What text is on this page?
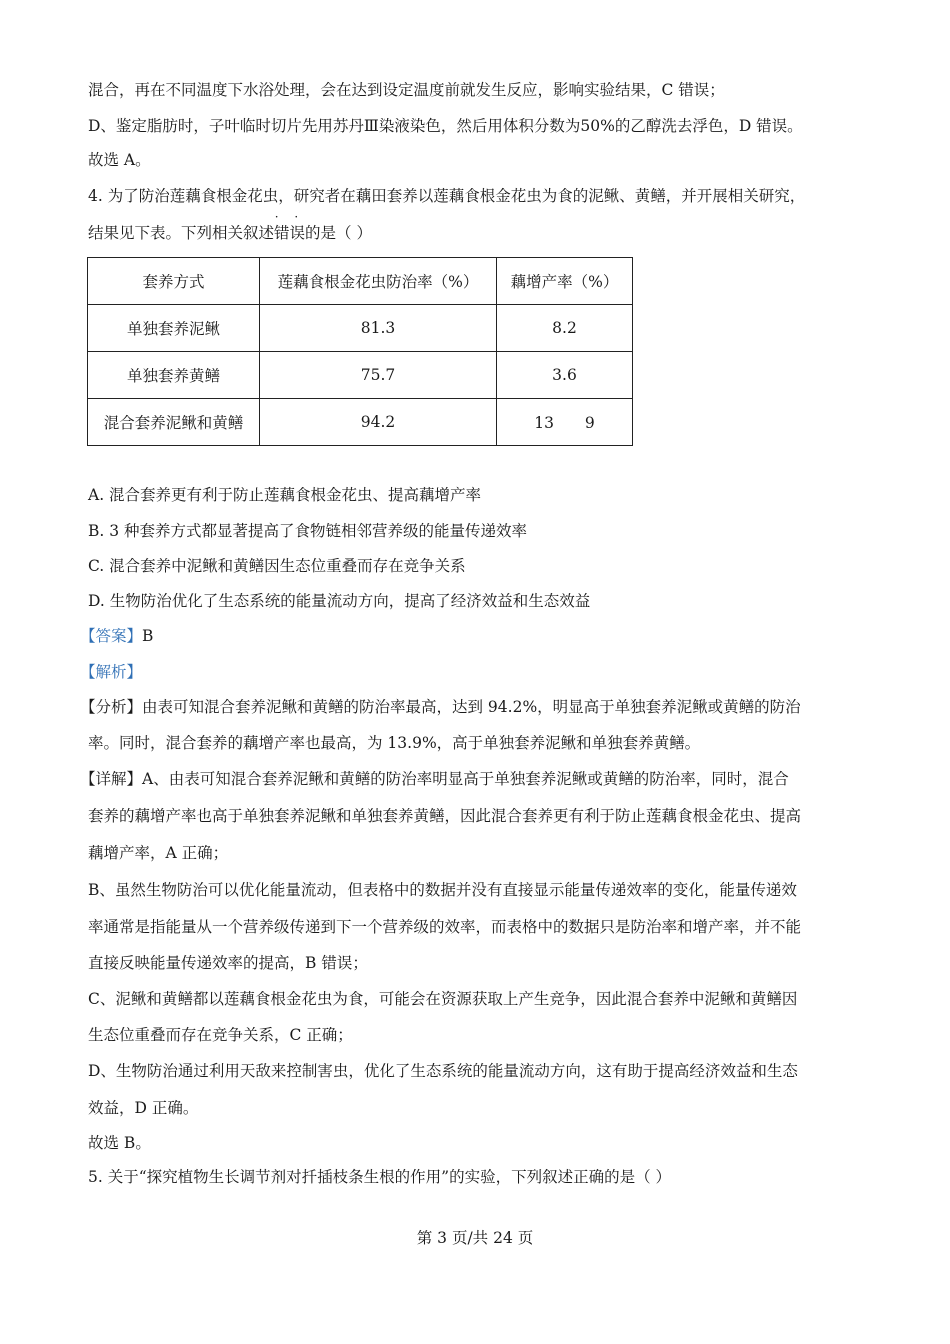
混合，再在不同温度下水浴处理，会在达到设定温度前就发生反应，影响实验结果，C 错误；
D、鉴定脂肪时，子叶临时切片先用苏丹Ⅲ染液染色，然后用体积分数为50%的乙醇洗去浮色，D 错误。
故选 A。
4. 为了防治莲藕食根金花虫，研究者在藕田套养以莲藕食根金花虫为食的泥鳅、黄鳝，并开展相关研究，
结果见下表。下列相关叙述
· ·
错误的是（ ）
套养方式	莲藕食根金花虫防治率（%）	藕增产率（%）
单独套养泥鳅	81.3	8.2
单独套养黄鳝	75.7	3.6
混合套养泥鳅和黄鳝	94.2	13　　9
A. 混合套养更有利于防止莲藕食根金花虫、提高藕增产率
B. 3 种套养方式都显著提高了食物链相邻营养级的能量传递效率
C. 混合套养中泥鳅和黄鳝因生态位重叠而存在竞争关系
D. 生物防治优化了生态系统的能量流动方向，提高了经济效益和生态效益
【答案】B
【解析】
【分析】由表可知混合套养泥鳅和黄鳝的防治率最高，达到 94.2%，明显高于单独套养泥鳅或黄鳝的防治
率。同时，混合套养的藕增产率也最高，为 13.9%，高于单独套养泥鳅和单独套养黄鳝。
【详解】A、由表可知混合套养泥鳅和黄鳝的防治率明显高于单独套养泥鳅或黄鳝的防治率，同时，混合
套养的藕增产率也高于单独套养泥鳅和单独套养黄鳝，因此混合套养更有利于防止莲藕食根金花虫、提高
藕增产率，A 正确；
B、虽然生物防治可以优化能量流动，但表格中的数据并没有直接显示能量传递效率的变化，能量传递效
率通常是指能量从一个营养级传递到下一个营养级的效率，而表格中的数据只是防治率和增产率，并不能
直接反映能量传递效率的提高，B 错误；
C、泥鳅和黄鳝都以莲藕食根金花虫为食，可能会在资源获取上产生竞争，因此混合套养中泥鳅和黄鳝因
生态位重叠而存在竞争关系，C 正确；
D、生物防治通过利用天敌来控制害虫，优化了生态系统的能量流动方向，这有助于提高经济效益和生态
效益，D 正确。
故选 B。
5. 关于“探究植物生长调节剂对扦插枝条生根的作用”的实验，下列叙述正确的是（ ）
第 3 页/共 24 页
